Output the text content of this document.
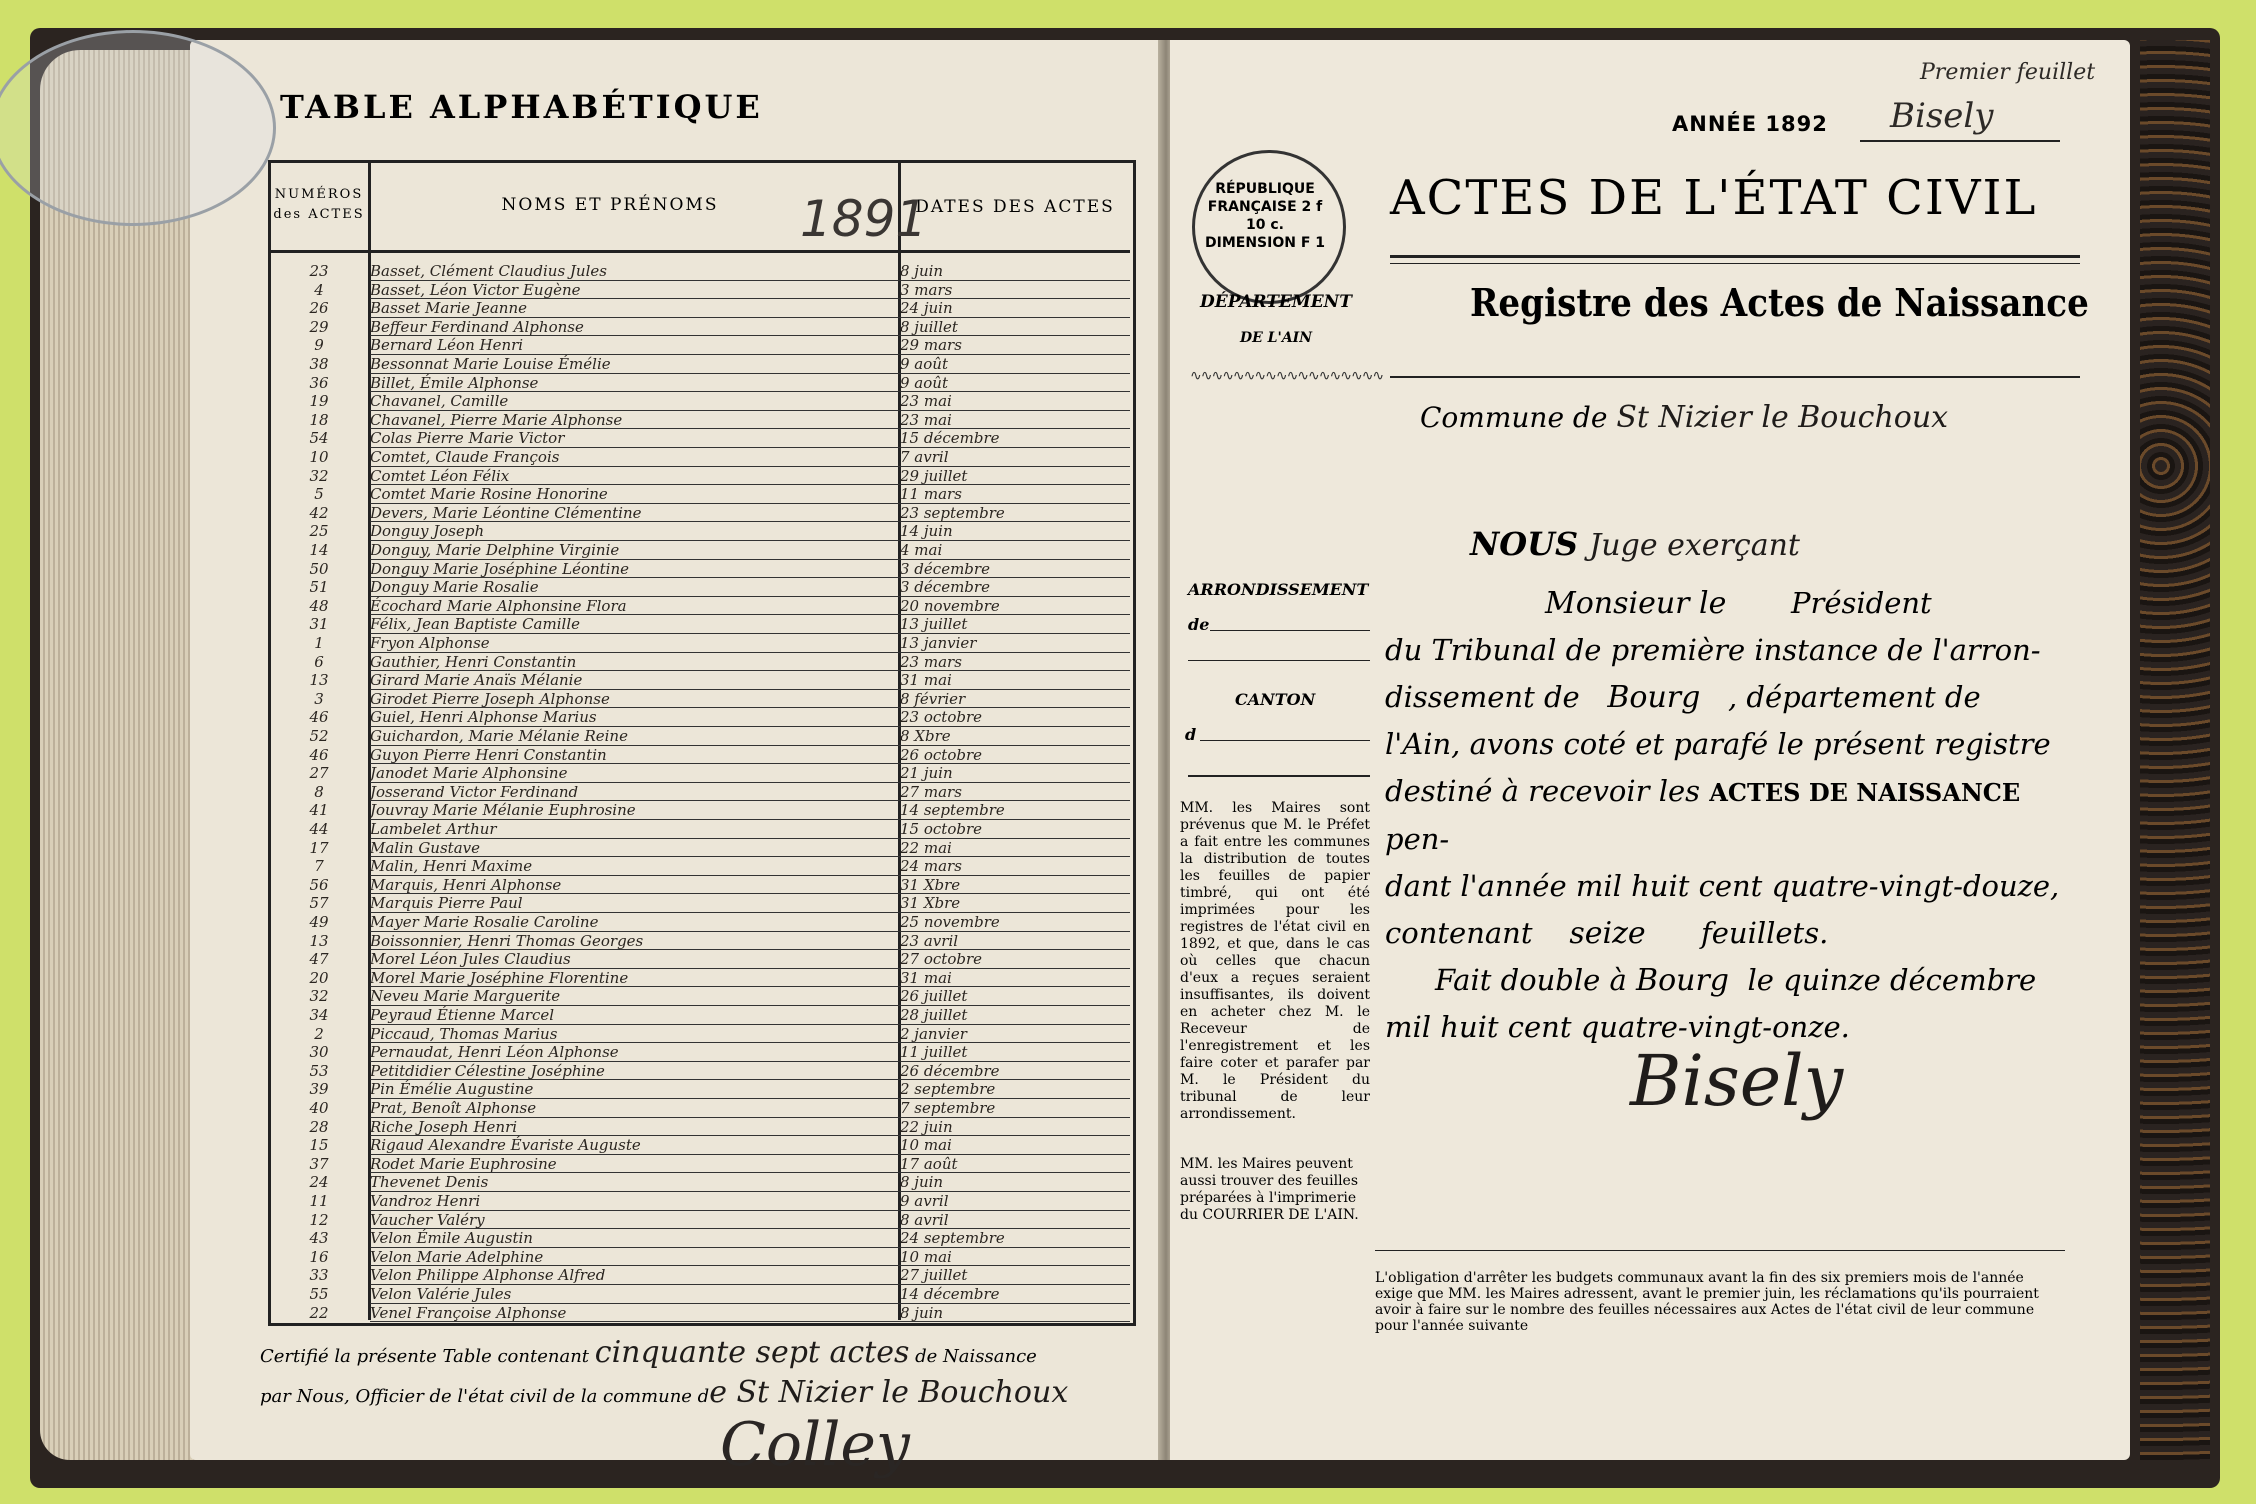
TABLE ALPHABÉTIQUE
NUMÉROS des ACTES	NOMS ET PRÉNOMS	DATES DES ACTES
1891
23	Basset, Clément Claudius Jules	8 juin
4	Basset, Léon Victor Eugène	3 mars
26	Basset Marie Jeanne	24 juin
29	Beffeur Ferdinand Alphonse	8 juillet
9	Bernard Léon Henri	29 mars
38	Bessonnat Marie Louise Émélie	9 août
36	Billet, Émile Alphonse	9 août
19	Chavanel, Camille	23 mai
18	Chavanel, Pierre Marie Alphonse	23 mai
54	Colas Pierre Marie Victor	15 décembre
10	Comtet, Claude François	7 avril
32	Comtet Léon Félix	29 juillet
5	Comtet Marie Rosine Honorine	11 mars
42	Devers, Marie Léontine Clémentine	23 septembre
25	Donguy Joseph	14 juin
14	Donguy, Marie Delphine Virginie	4 mai
50	Donguy Marie Joséphine Léontine	3 décembre
51	Donguy Marie Rosalie	3 décembre
48	Écochard Marie Alphonsine Flora	20 novembre
31	Félix, Jean Baptiste Camille	13 juillet
1	Fryon Alphonse	13 janvier
6	Gauthier, Henri Constantin	23 mars
13	Girard Marie Anaïs Mélanie	31 mai
3	Girodet Pierre Joseph Alphonse	8 février
46	Guiel, Henri Alphonse Marius	23 octobre
52	Guichardon, Marie Mélanie Reine	8 Xbre
46	Guyon Pierre Henri Constantin	26 octobre
27	Janodet Marie Alphonsine	21 juin
8	Josserand Victor Ferdinand	27 mars
41	Jouvray Marie Mélanie Euphrosine	14 septembre
44	Lambelet Arthur	15 octobre
17	Malin Gustave	22 mai
7	Malin, Henri Maxime	24 mars
56	Marquis, Henri Alphonse	31 Xbre
57	Marquis Pierre Paul	31 Xbre
49	Mayer Marie Rosalie Caroline	25 novembre
13	Boissonnier, Henri Thomas Georges	23 avril
47	Morel Léon Jules Claudius	27 octobre
20	Morel Marie Joséphine Florentine	31 mai
32	Neveu Marie Marguerite	26 juillet
34	Peyraud Étienne Marcel	28 juillet
2	Piccaud, Thomas Marius	2 janvier
30	Pernaudat, Henri Léon Alphonse	11 juillet
53	Petitdidier Célestine Joséphine	26 décembre
39	Pin Émélie Augustine	2 septembre
40	Prat, Benoît Alphonse	7 septembre
28	Riche Joseph Henri	22 juin
15	Rigaud Alexandre Évariste Auguste	10 mai
37	Rodet Marie Euphrosine	17 août
24	Thevenet Denis	8 juin
11	Vandroz Henri	9 avril
12	Vaucher Valéry	8 avril
43	Velon Émile Augustin	24 septembre
16	Velon Marie Adelphine	10 mai
33	Velon Philippe Alphonse Alfred	27 juillet
55	Velon Valérie Jules	14 décembre
22	Venel Françoise Alphonse	8 juin
Certifié la présente Table contenant cinquante sept actes de Naissance
par Nous, Officier de l'état civil de la commune de St Nizier le Bouchoux
Colley
Premier feuillet
Bisely
ANNÉE 1892
RÉPUBLIQUE FRANÇAISE 2 f 10 c. DIMENSION F 1
DÉPARTEMENT
DE L'AIN
∿∿∿∿∿∿∿∿∿∿∿∿∿∿∿∿∿∿
ACTES DE L'ÉTAT CIVIL
Registre des Actes de Naissance
Commune de St Nizier le Bouchoux
NOUS Juge exerçant
Monsieur le Président
du Tribunal de première instance de l'arron-
dissement de Bourg , département de
l'Ain, avons coté et parafé le présent registre
destiné à recevoir les ACTES DE NAISSANCE pen-
dant l'année mil huit cent quatre-vingt-douze,
contenant seize feuillets.
Fait double à Bourg le quinze décembre
mil huit cent quatre-vingt-onze.
ARRONDISSEMENT
de
CANTON
d
MM. les Maires sont prévenus que M. le Préfet a fait entre les communes la distribution de toutes les feuilles de papier timbré, qui ont été imprimées pour les registres de l'état civil en 1892, et que, dans le cas où celles que chacun d'eux a reçues seraient insuffisantes, ils doivent en acheter chez M. le Receveur de l'enregistrement et les faire coter et parafer par M. le Président du tribunal de leur arrondissement.
MM. les Maires peuvent aussi trouver des feuilles préparées à l'imprimerie du COURRIER DE L'AIN.
Bisely
L'obligation d'arrêter les budgets communaux avant la fin des six premiers mois de l'année exige que MM. les Maires adressent, avant le premier juin, les réclamations qu'ils pourraient avoir à faire sur le nombre des feuilles nécessaires aux Actes de l'état civil de leur commune pour l'année suivante
